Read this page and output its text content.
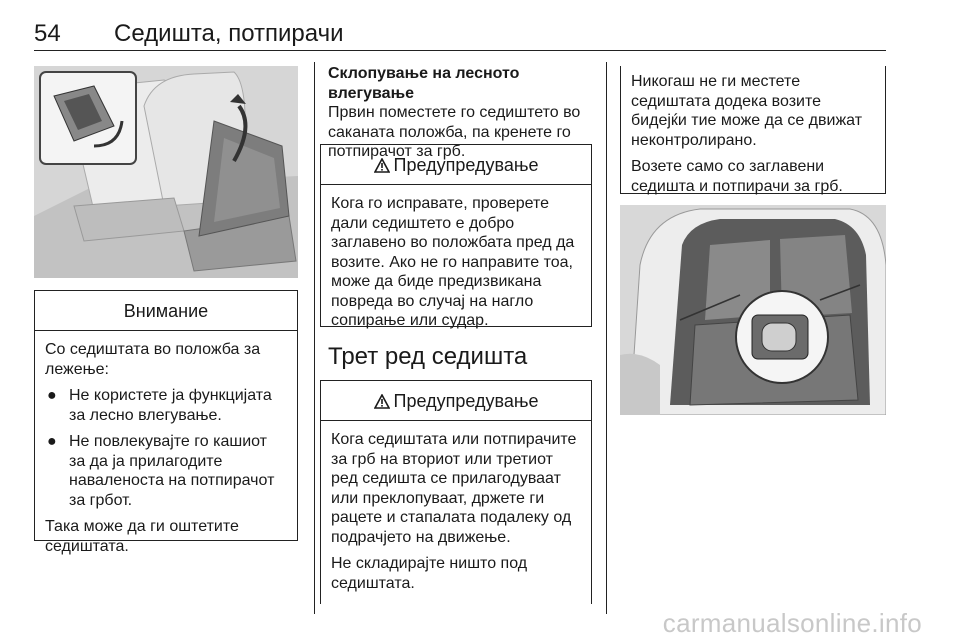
54 Седишта, потпирачи
Внимание

Со седиштата во положба за лежење:

● Не користете ја функцијата за лесно влегување.
● Не повлекувајте го кашиот за да ја прилагодите наваленоста на потпирачот за грбот.

Така може да ги оштетите седиштата.

Склопување на лесното влегување
Првин поместете го седиштето во саканата положба, па кренете го потпирачот за грб.
Предупредување

Кога го исправате, проверете дали седиштето е добро заглавено во положбата пред да возите. Ако не го направите тоа, може да биде предизвикана повреда во случај на нагло сопирање или судар.

Трет ред седишта
Предупредување

Кога седиштата или потпирачите за грб на вториот или третиот ред седишта се прилагодуваат или преклопуваат, држете ги рацете и стапалата подалеку од подрачјето на движење.

Не складирајте ништо под седиштата.

Никогаш не ги местете седиштата додека возите бидејќи тие може да се движат неконтролирано.

Возете само со заглавени седишта и потпирачи за грб.

carmanualsonline.info
